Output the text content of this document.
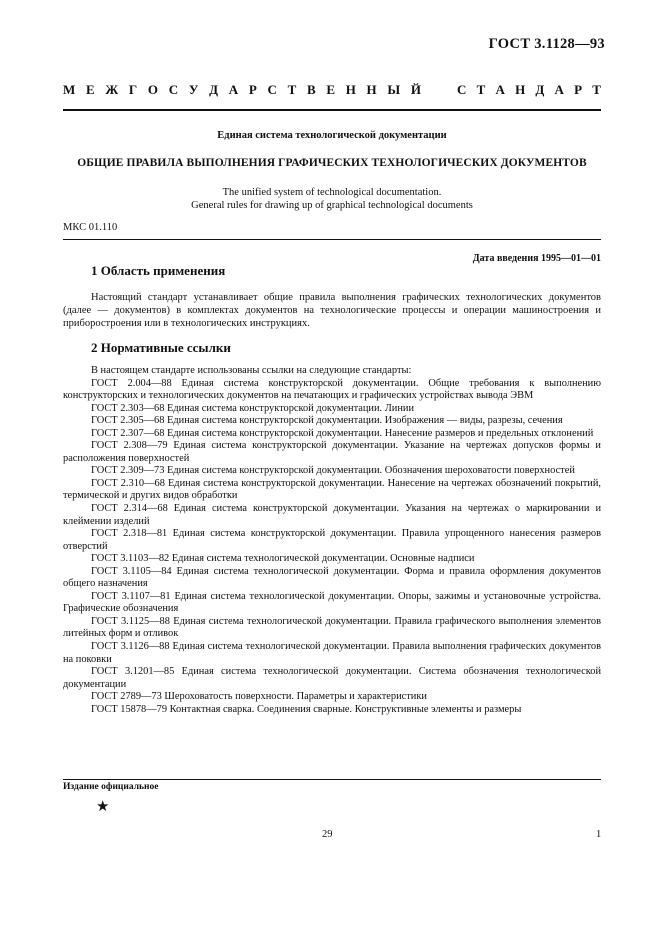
ГОСТ 3.1128—93
М Е Ж Г О С У Д А Р С Т В Е Н Н Ы Й	С Т А Н Д А Р Т
Единая система технологической документации
ОБЩИЕ ПРАВИЛА ВЫПОЛНЕНИЯ ГРАФИЧЕСКИХ ТЕХНОЛОГИЧЕСКИХ ДОКУМЕНТОВ
The unified system of technological documentation.
General rules for drawing up of graphical technological documents
МКС 01.110
Дата введения 1995—01—01
1 Область применения

Настоящий стандарт устанавливает общие правила выполнения графических технологических документов (далее — документов) в комплектах документов на технологические процессы и операции машиностроения и приборостроения или в технологических инструкциях.

2 Нормативные ссылки

В настоящем стандарте использованы ссылки на следующие стандарты:

ГОСТ 2.004—88 Единая система конструкторской документации. Общие требования к выполнению конструкторских и технологических документов на печатающих и графических устройствах вывода ЭВМ

ГОСТ 2.303—68 Единая система конструкторской документации. Линии

ГОСТ 2.305—68 Единая система конструкторской документации. Изображения — виды, разрезы, сечения

ГОСТ 2.307—68 Единая система конструкторской документации. Нанесение размеров и предельных отклонений

ГОСТ 2.308—79 Единая система конструкторской документации. Указание на чертежах допусков формы и расположения поверхностей

ГОСТ 2.309—73 Единая система конструкторской документации. Обозначения шероховатости поверхностей

ГОСТ 2.310—68 Единая система конструкторской документации. Нанесение на чертежах обозначений покрытий, термической и других видов обработки

ГОСТ 2.314—68 Единая система конструкторской документации. Указания на чертежах о маркировании и клеймении изделий

ГОСТ 2.318—81 Единая система конструкторской документации. Правила упрощенного нанесения размеров отверстий

ГОСТ 3.1103—82 Единая система технологической документации. Основные надписи

ГОСТ 3.1105—84 Единая система технологической документации. Форма и правила оформления документов общего назначения

ГОСТ 3.1107—81 Единая система технологической документации. Опоры, зажимы и установочные устройства. Графические обозначения

ГОСТ 3.1125—88 Единая система технологической документации. Правила графического выполнения элементов литейных форм и отливок

ГОСТ 3.1126—88 Единая система технологической документации. Правила выполнения графических документов на поковки

ГОСТ 3.1201—85 Единая система технологической документации. Система обозначения технологической документации

ГОСТ 2789—73 Шероховатость поверхности. Параметры и характеристики

ГОСТ 15878—79 Контактная сварка. Соединения сварные. Конструктивные элементы и размеры

Издание официальное
★
29	1
